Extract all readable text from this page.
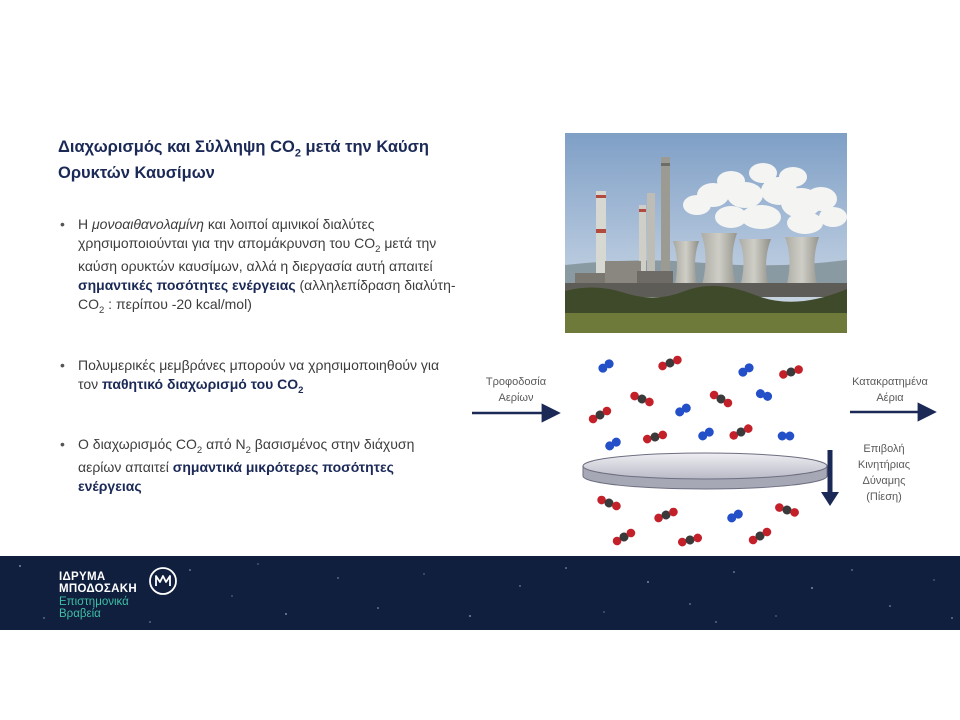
Διαχωρισμός και Σύλληψη $CO_2$ μετά την Καύση Ορυκτών Καυσίμων
• Η μονοαιθανολαμίνη και λοιποί αμινικοί διαλύτες χρησιμοποιούνται για την απομάκρυνση του $CO_2$ μετά την καύση ορυκτών καυσίμων, αλλά η διεργασία αυτή απαιτεί σημαντικές ποσότητες ενέργειας (αλληλεπίδραση διαλύτη-$CO_2$ : περίπου -20 kcal/mol)
• Πολυμερικές μεμβράνες μπορούν να χρησιμοποιηθούν για τον παθητικό διαχωρισμό του $CO_2$
• Ο διαχωρισμός $CO_2$ από $N_2$ βασισμένος στην διάχυση αερίων απαιτεί σημαντικά μικρότερες ποσότητες ενέργειας
Τροφοδοσία
Αερίων
Κατακρατημένα
Αέρια
Επιβολή
Κινητήριας
Δύναμης
(Πίεση)
ΙΔΡΥΜΑ
ΜΠΟΔΟΣΑΚΗ
Επιστημονικά
Βραβεία
